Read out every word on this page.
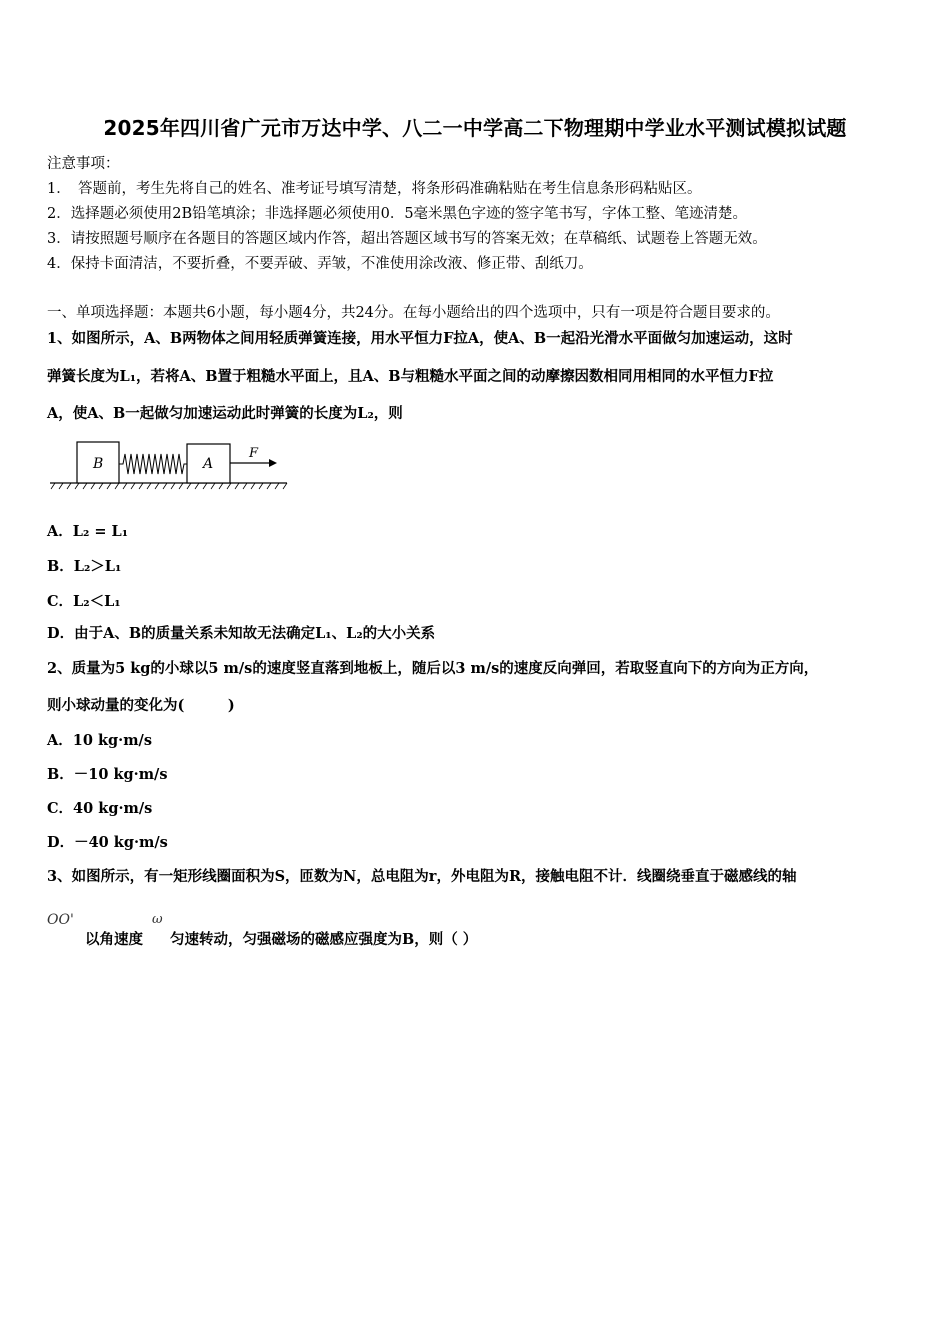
2025年四川省广元市万达中学、八二一中学高二下物理期中学业水平测试模拟试题
注意事项：
1．　答题前，考生先将自己的姓名、准考证号填写清楚，将条形码准确粘贴在考生信息条形码粘贴区。
2．选择题必须使用2B铅笔填涂；非选择题必须使用0．5毫米黑色字迹的签字笔书写，字体工整、笔迹清楚。
3．请按照题号顺序在各题目的答题区域内作答，超出答题区域书写的答案无效；在草稿纸、试题卷上答题无效。
4．保持卡面清洁，不要折叠，不要弄破、弄皱，不准使用涂改液、修正带、刮纸刀。
一、单项选择题：本题共6小题，每小题4分，共24分。在每小题给出的四个选项中，只有一项是符合题目要求的。
1、如图所示，A、B两物体之间用轻质弹簧连接，用水平恒力F拉A，使A、B一起沿光滑水平面做匀加速运动，这时
弹簧长度为L₁，若将A、B置于粗糙水平面上，且A、B与粗糙水平面之间的动摩擦因数相同用相同的水平恒力F拉
A，使A、B一起做匀加速运动此时弹簧的长度为L₂，则
B	A
F
A．L₂ = L₁
B．L₂＞L₁
C．L₂＜L₁
D．由于A、B的质量关系未知故无法确定L₁、L₂的大小关系
2、质量为5 kg的小球以5 m/s的速度竖直落到地板上，随后以3 m/s的速度反向弹回，若取竖直向下的方向为正方向，
则小球动量的变化为(　　　)
A．10 kg·m/s
B．－10 kg·m/s
C．40 kg·m/s
D．－40 kg·m/s
3、如图所示，有一矩形线圈面积为S，匝数为N，总电阻为r，外电阻为R，接触电阻不计．线圈绕垂直于磁感线的轴
OO'
以角速度
ω
匀速转动，匀强磁场的磁感应强度为B，则（ ）
